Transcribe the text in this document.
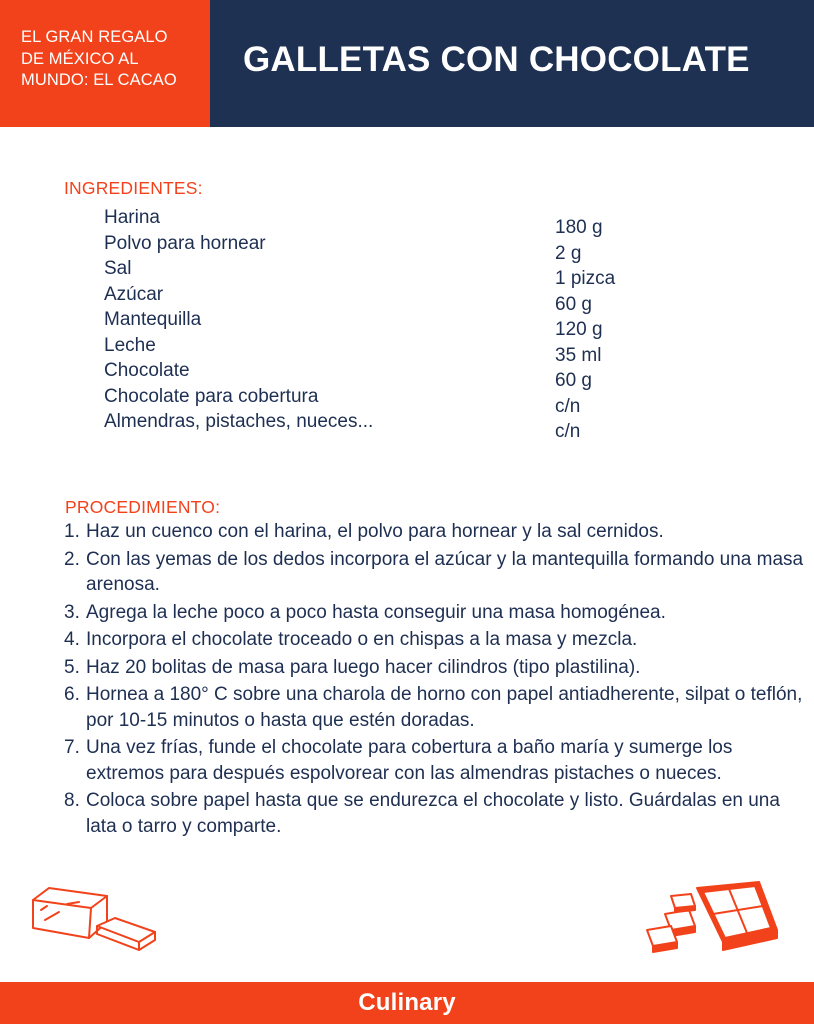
EL GRAN REGALO
DE MÉXICO AL
MUNDO: EL CACAO
GALLETAS CON CHOCOLATE
INGREDIENTES:
Harina
Polvo para hornear
Sal
Azúcar
Mantequilla
Leche
Chocolate
Chocolate para cobertura
Almendras, pistaches, nueces...
180 g
2 g
1 pizca
60 g
120 g
35 ml
60 g
c/n
c/n
PROCEDIMIENTO:
1. Haz un cuenco con el harina, el polvo para hornear y la sal cernidos.
2. Con las yemas de los dedos incorpora el azúcar y la mantequilla formando una masa arenosa.
3. Agrega la leche poco a poco hasta conseguir una masa homogénea.
4. Incorpora el chocolate troceado o en chispas a la masa y mezcla.
5. Haz 20 bolitas de masa para luego hacer cilindros (tipo plastilina).
6. Hornea a 180° C sobre una charola de horno con papel antiadherente, silpat o teflón, por 10-15 minutos o hasta que estén doradas.
7. Una vez frías, funde el chocolate para cobertura a baño maría y sumerge los extremos para después espolvorear con las almendras pistaches o nueces.
8. Coloca sobre papel hasta que se endurezca el chocolate y listo. Guárdalas en una lata o tarro y comparte.
Culinary
